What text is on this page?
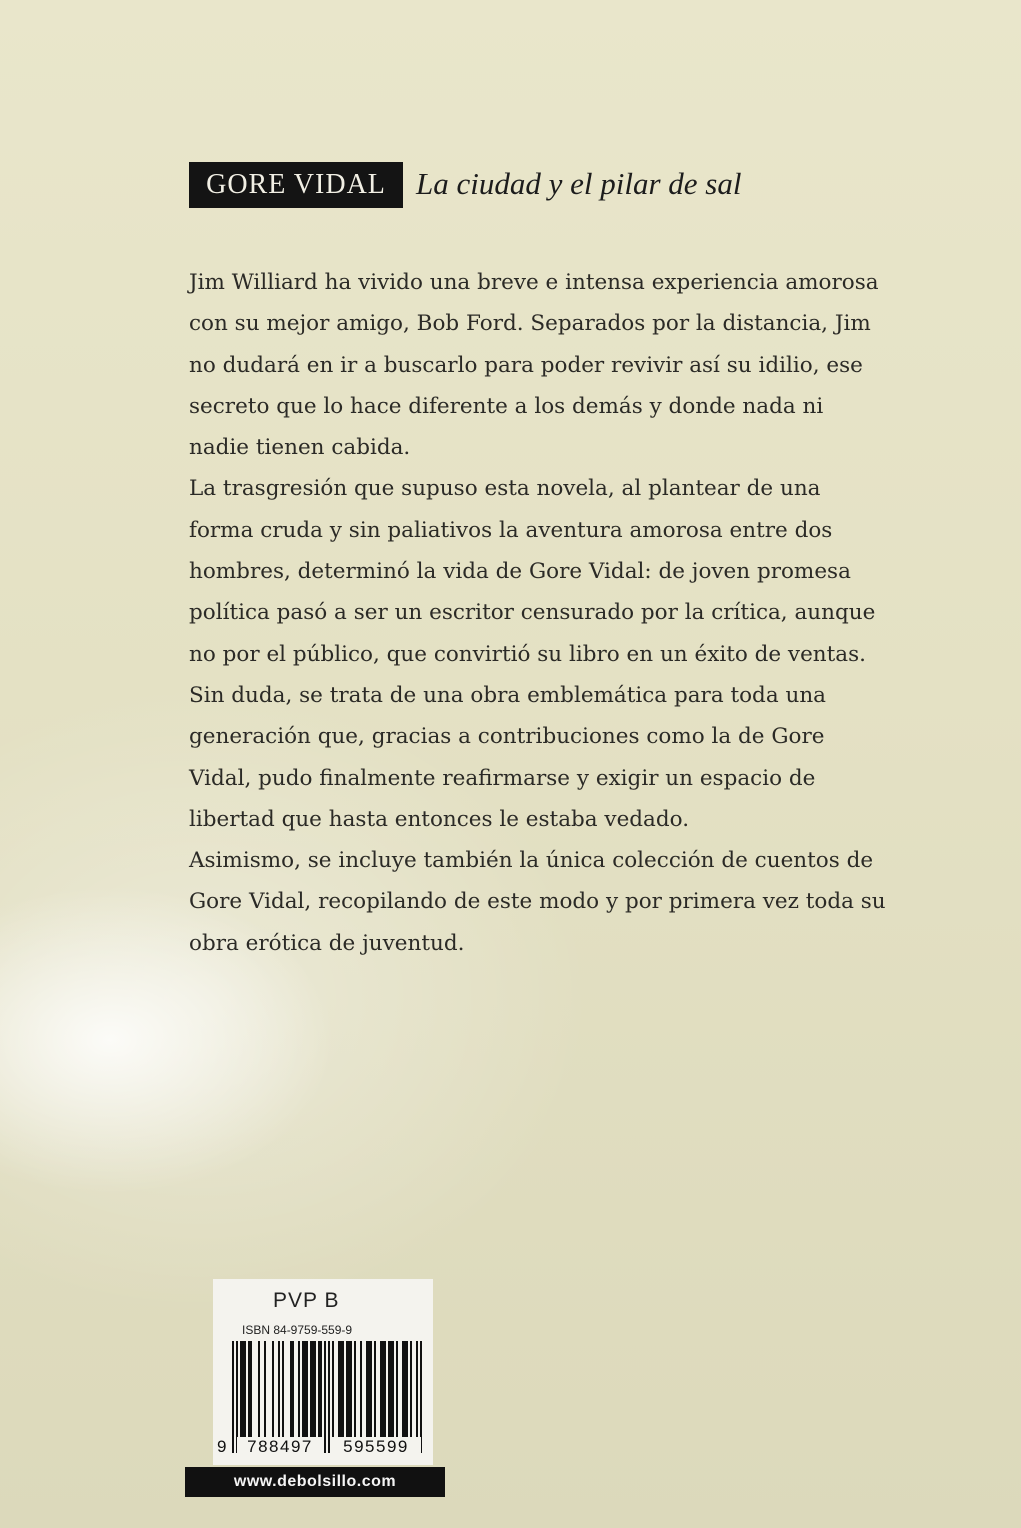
GORE VIDAL La ciudad y el pilar de sal

Jim Williard ha vivido una breve e intensa experiencia amorosa con su mejor amigo, Bob Ford. Separados por la distancia, Jim no dudará en ir a buscarlo para poder revivir así su idilio, ese secreto que lo hace diferente a los demás y donde nada ni nadie tienen cabida.

La trasgresión que supuso esta novela, al plantear de una forma cruda y sin paliativos la aventura amorosa entre dos hombres, determinó la vida de Gore Vidal: de joven promesa política pasó a ser un escritor censurado por la crítica, aunque no por el público, que convirtió su libro en un éxito de ventas.

Sin duda, se trata de una obra emblemática para toda una generación que, gracias a contribuciones como la de Gore Vidal, pudo finalmente reafirmarse y exigir un espacio de libertad que hasta entonces le estaba vedado.

Asimismo, se incluye también la única colección de cuentos de Gore Vidal, recopilando de este modo y por primera vez toda su obra erótica de juventud.

PVP B
ISBN 84-9759-559-9
9	788497	595599
www.debolsillo.com
